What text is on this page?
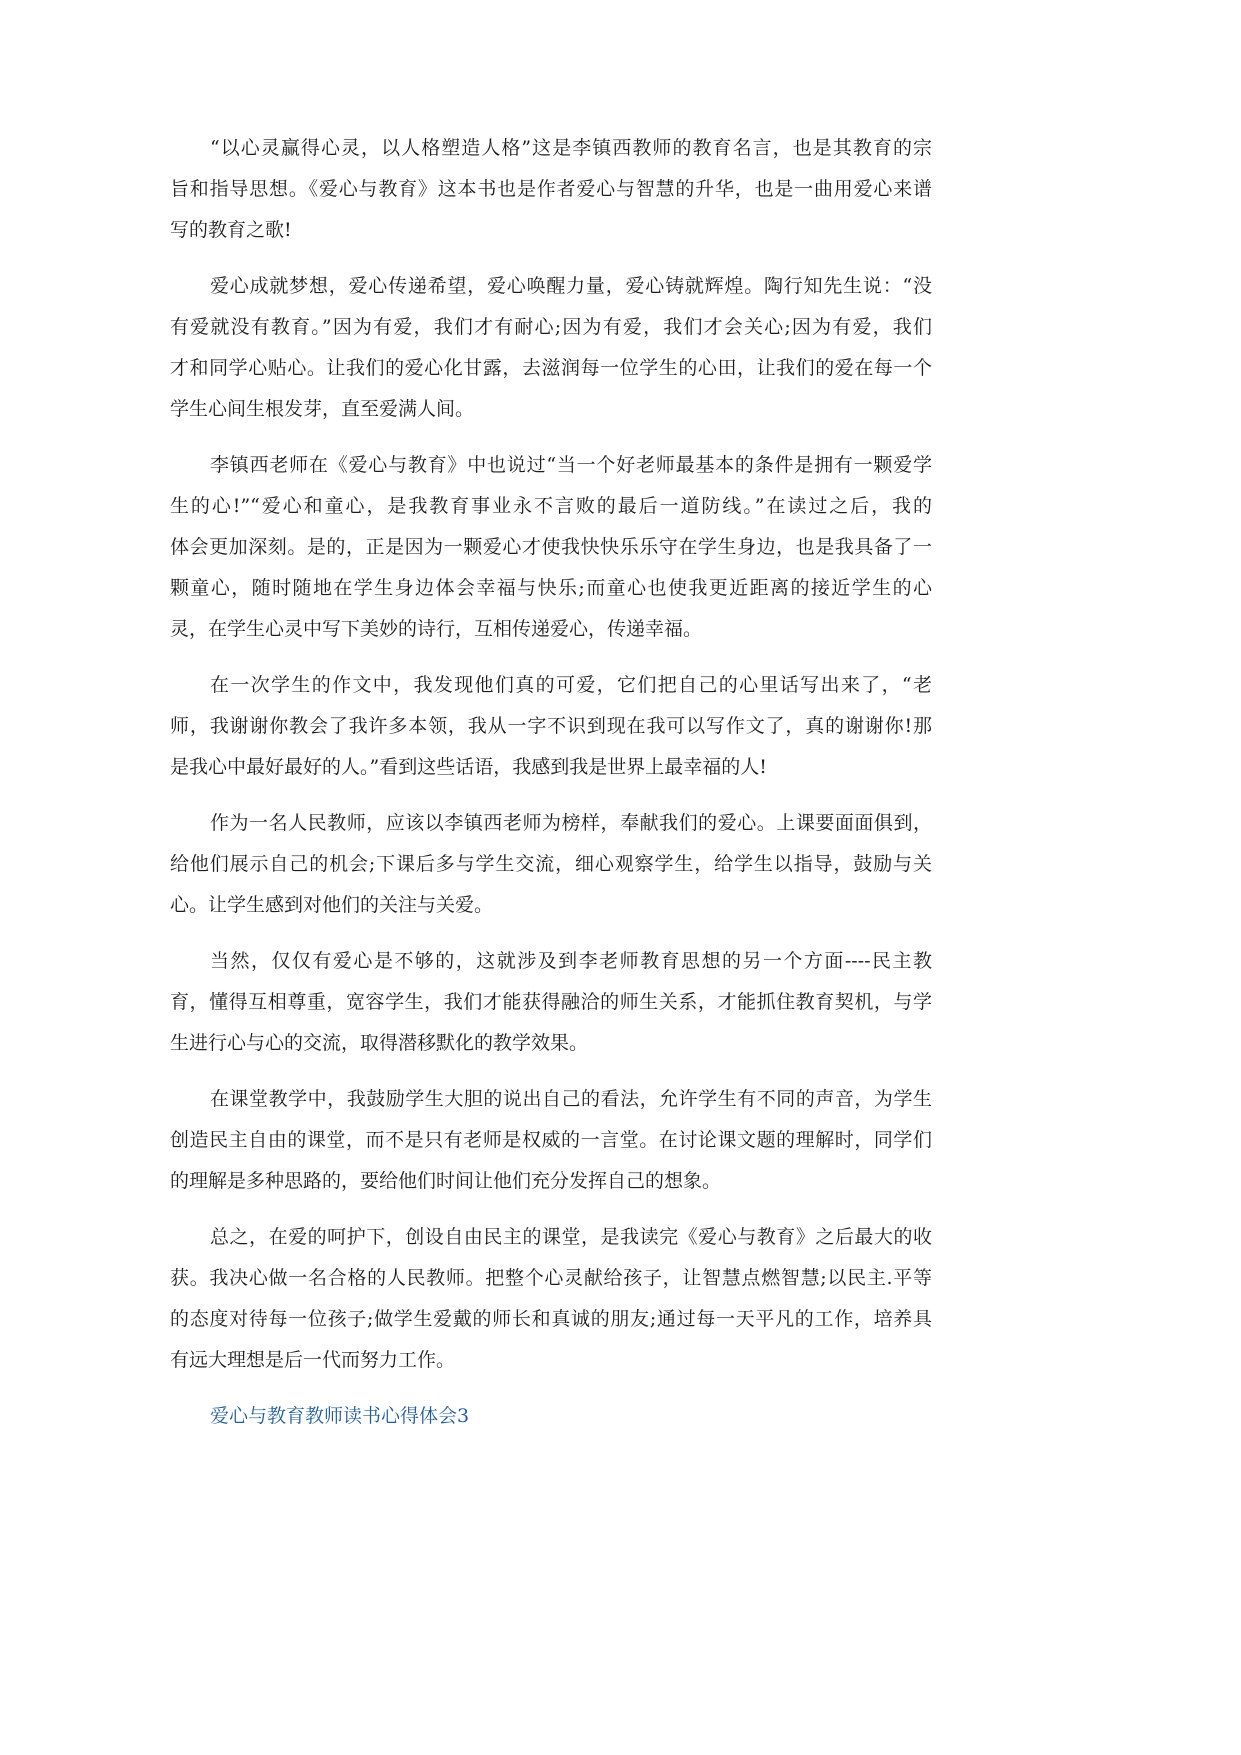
“以心灵赢得心灵，以人格塑造人格”这是李镇西教师的教育名言，也是其教育的宗
旨和指导思想。《爱心与教育》这本书也是作者爱心与智慧的升华，也是一曲用爱心来谱
写的教育之歌!
爱心成就梦想，爱心传递希望，爱心唤醒力量，爱心铸就辉煌。陶行知先生说：“没
有爱就没有教育。”因为有爱，我们才有耐心;因为有爱，我们才会关心;因为有爱，我们
才和同学心贴心。让我们的爱心化甘露，去滋润每一位学生的心田，让我们的爱在每一个
学生心间生根发芽，直至爱满人间。
李镇西老师在《爱心与教育》中也说过“当一个好老师最基本的条件是拥有一颗爱学
生的心!”“爱心和童心，是我教育事业永不言败的最后一道防线。”在读过之后，我的
体会更加深刻。是的，正是因为一颗爱心才使我快快乐乐守在学生身边，也是我具备了一
颗童心，随时随地在学生身边体会幸福与快乐;而童心也使我更近距离的接近学生的心
灵，在学生心灵中写下美妙的诗行，互相传递爱心，传递幸福。
在一次学生的作文中，我发现他们真的可爱，它们把自己的心里话写出来了，“老
师，我谢谢你教会了我许多本领，我从一字不识到现在我可以写作文了，真的谢谢你!那
是我心中最好最好的人。”看到这些话语，我感到我是世界上最幸福的人!
作为一名人民教师，应该以李镇西老师为榜样，奉献我们的爱心。上课要面面俱到，
给他们展示自己的机会;下课后多与学生交流，细心观察学生，给学生以指导，鼓励与关
心。让学生感到对他们的关注与关爱。
当然，仅仅有爱心是不够的，这就涉及到李老师教育思想的另一个方面----民主教
育，懂得互相尊重，宽容学生，我们才能获得融洽的师生关系，才能抓住教育契机，与学
生进行心与心的交流，取得潜移默化的教学效果。
在课堂教学中，我鼓励学生大胆的说出自己的看法，允许学生有不同的声音，为学生
创造民主自由的课堂，而不是只有老师是权威的一言堂。在讨论课文题的理解时，同学们
的理解是多种思路的，要给他们时间让他们充分发挥自己的想象。
总之，在爱的呵护下，创设自由民主的课堂，是我读完《爱心与教育》之后最大的收
获。我决心做一名合格的人民教师。把整个心灵献给孩子，让智慧点燃智慧;以民主.平等
的态度对待每一位孩子;做学生爱戴的师长和真诚的朋友;通过每一天平凡的工作，培养具
有远大理想是后一代而努力工作。
爱心与教育教师读书心得体会3
